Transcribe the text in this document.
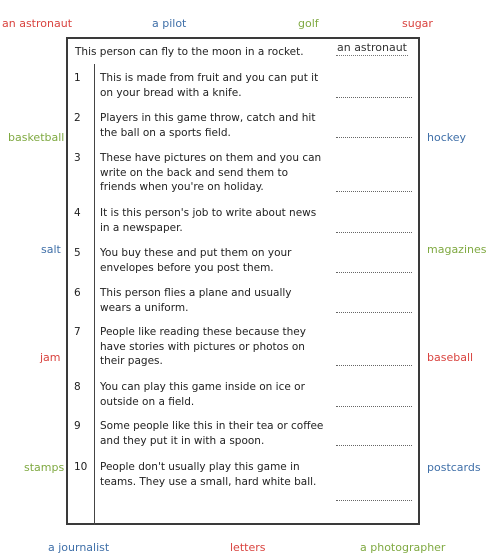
an astronaut	a pilot	golf	sugar
basketball	hockey
salt	magazines
jam	baseball
stamps	postcards
a journalist	letters	a photographer
This person can fly to the moon in a rocket.	an astronaut
1 This is made from fruit and you can put it on your bread with a knife.
2 Players in this game throw, catch and hit the ball on a sports field.
3 These have pictures on them and you can write on the back and send them to friends when you're on holiday.
4 It is this person's job to write about news in a newspaper.
5 You buy these and put them on your envelopes before you post them.
6 This person flies a plane and usually wears a uniform.
7 People like reading these because they have stories with pictures or photos on their pages.
8 You can play this game inside on ice or outside on a field.
9 Some people like this in their tea or coffee and they put it in with a spoon.
10 People don't usually play this game in teams. They use a small, hard white ball.
